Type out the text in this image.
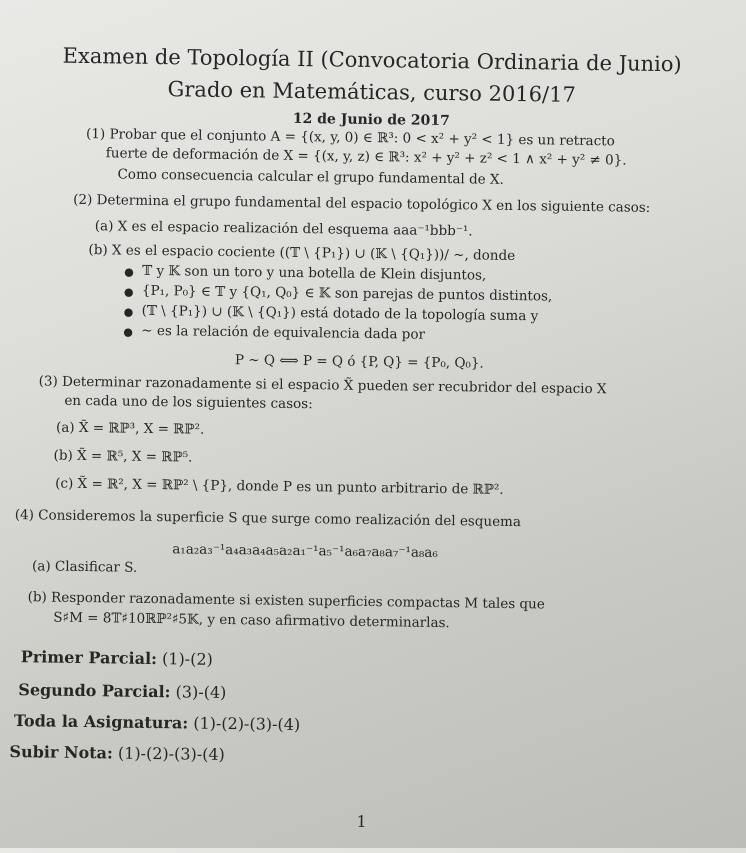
Examen de Topología II (Convocatoria Ordinaria de Junio)
Grado en Matemáticas, curso 2016/17
12 de Junio de 2017
(1) Probar que el conjunto A = {(x, y, 0) ∈ ℝ³: 0 < x² + y² < 1} es un retracto
fuerte de deformación de X = {(x, y, z) ∈ ℝ³: x² + y² + z² < 1 ∧ x² + y² ≠ 0}.
Como consecuencia calcular el grupo fundamental de X.
(2) Determina el grupo fundamental del espacio topológico X en los siguiente casos:
(a) X es el espacio realización del esquema aaa⁻¹bbb⁻¹.
(b) X es el espacio cociente ((𝕋 \ {P₁}) ∪ (𝕂 \ {Q₁}))/ ∼, donde
● 𝕋 y 𝕂 son un toro y una botella de Klein disjuntos,
● {P₁, P₀} ∈ 𝕋 y {Q₁, Q₀} ∈ 𝕂 son parejas de puntos distintos,
● (𝕋 \ {P₁}) ∪ (𝕂 \ {Q₁}) está dotado de la topología suma y
● ∼ es la relación de equivalencia dada por
P ∼ Q ⟺ P = Q ó {P, Q} = {P₀, Q₀}.
(3) Determinar razonadamente si el espacio X̃ pueden ser recubridor del espacio X
en cada uno de los siguientes casos:
(a) X̃ = ℝℙ³, X = ℝℙ².
(b) X̃ = ℝ⁵, X = ℝℙ⁵.
(c) X̃ = ℝ², X = ℝℙ² \ {P}, donde P es un punto arbitrario de ℝℙ².
(4) Consideremos la superficie S que surge como realización del esquema
a₁a₂a₃⁻¹a₄a₃a₄a₅a₂a₁⁻¹a₅⁻¹a₆a₇a₈a₇⁻¹a₈a₆
(a) Clasificar S.
(b) Responder razonadamente si existen superficies compactas M tales que
S♯M = 8𝕋♯10ℝℙ²♯5𝕂, y en caso afirmativo determinarlas.
Primer Parcial: (1)-(2)
Segundo Parcial: (3)-(4)
Toda la Asignatura: (1)-(2)-(3)-(4)
Subir Nota: (1)-(2)-(3)-(4)
1
